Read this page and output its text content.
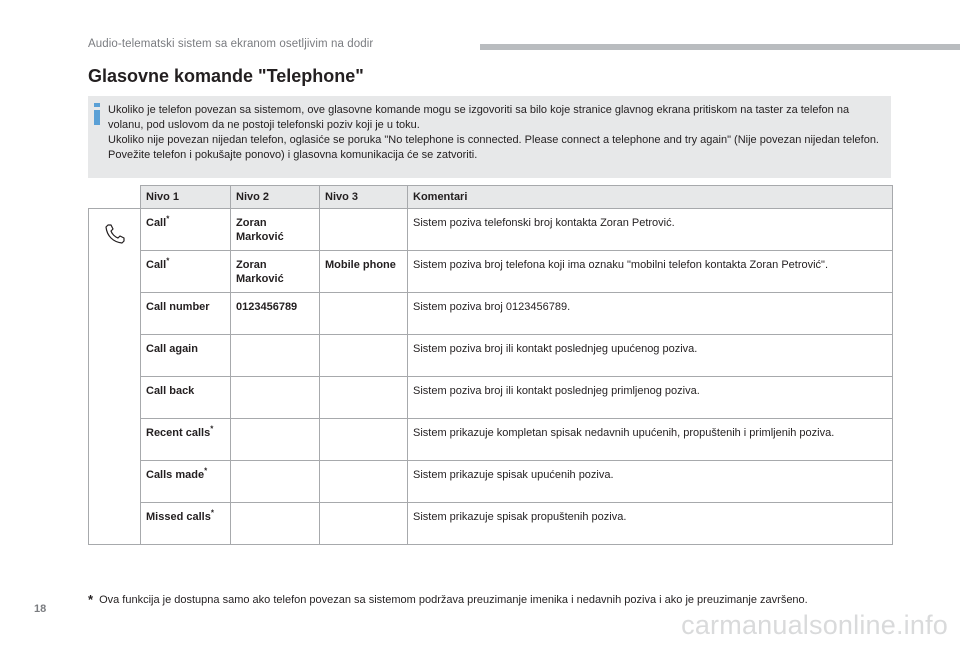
Audio-telematski sistem sa ekranom osetljivim na dodir
Glasovne komande "Telephone"

Ukoliko je telefon povezan sa sistemom, ove glasovne komande mogu se izgovoriti sa bilo koje stranice glavnog ekrana pritiskom na taster za telefon na volanu, pod uslovom da ne postoji telefonski poziv koji je u toku.

Ukoliko nije povezan nijedan telefon, oglasiće se poruka "No telephone is connected. Please connect a telephone and try again" (Nije povezan nijedan telefon. Povežite telefon i pokušajte ponovo) i glasovna komunikacija će se zatvoriti.

	Nivo 1	Nivo 2	Nivo 3	Komentari
	Call*	Zoran Marković		Sistem poziva telefonski broj kontakta Zoran Petrović.
	Call*	Zoran Marković	Mobile phone	Sistem poziva broj telefona koji ima oznaku "mobilni telefon kontakta Zoran Petrović".
	Call number	0123456789		Sistem poziva broj 0123456789.
	Call again			Sistem poziva broj ili kontakt poslednjeg upućenog poziva.
	Call back			Sistem poziva broj ili kontakt poslednjeg primljenog poziva.
	Recent calls*			Sistem prikazuje kompletan spisak nedavnih upućenih, propuštenih i primljenih poziva.
	Calls made*			Sistem prikazuje spisak upućenih poziva.
	Missed calls*			Sistem prikazuje spisak propuštenih poziva.
* Ova funkcija je dostupna samo ako telefon povezan sa sistemom podržava preuzimanje imenika i nedavnih poziva i ako je preuzimanje završeno.
18
carmanualsonline.info
